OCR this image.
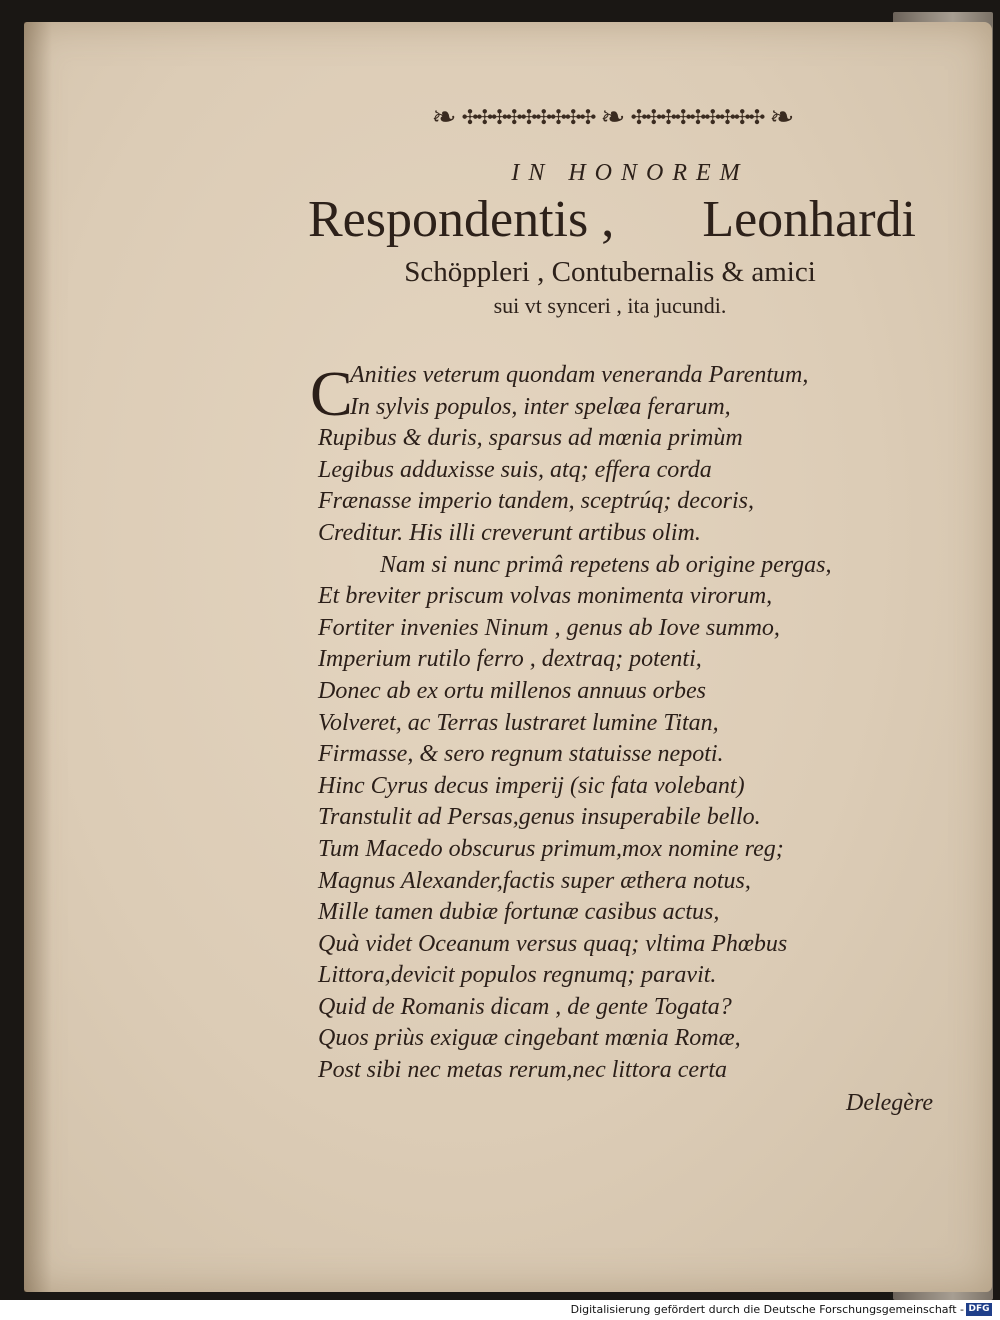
❧ ✣✣✣✣✣✣✣✣✣ ❧ ✣✣✣✣✣✣✣✣✣ ❧
IN HONOREM
Respondentis , Leonhardi
Schöppleri , Contubernalis & amici
sui vt synceri , ita jucundi.
C
Anities veterum quondam veneranda Parentum,
In sylvis populos, inter spelæa ferarum,
Rupibus & duris, sparsus ad mœnia primùm
Legibus adduxisse suis, atq; effera corda
Frænasse imperio tandem, sceptrúq; decoris,
Creditur. His illi creverunt artibus olim.
Nam si nunc primâ repetens ab origine pergas,
Et breviter priscum volvas monimenta virorum,
Fortiter invenies Ninum , genus ab Iove summo,
Imperium rutilo ferro , dextraq; potenti,
Donec ab ex ortu millenos annuus orbes
Volveret, ac Terras lustraret lumine Titan,
Firmasse, & sero regnum statuisse nepoti.
Hinc Cyrus decus imperij (sic fata volebant)
Transtulit ad Persas,genus insuperabile bello.
Tum Macedo obscurus primum,mox nomine reg;
Magnus Alexander,factis super æthera notus,
Mille tamen dubiæ fortunæ casibus actus,
Quà videt Oceanum versus quaq; vltima Phœbus
Littora,devicit populos regnumq; paravit.
Quid de Romanis dicam , de gente Togata?
Quos priùs exiguæ cingebant mœnia Romæ,
Post sibi nec metas rerum,nec littora certa
Delegère
Digitalisierung gefördert durch die Deutsche Forschungsgemeinschaft - DFG
